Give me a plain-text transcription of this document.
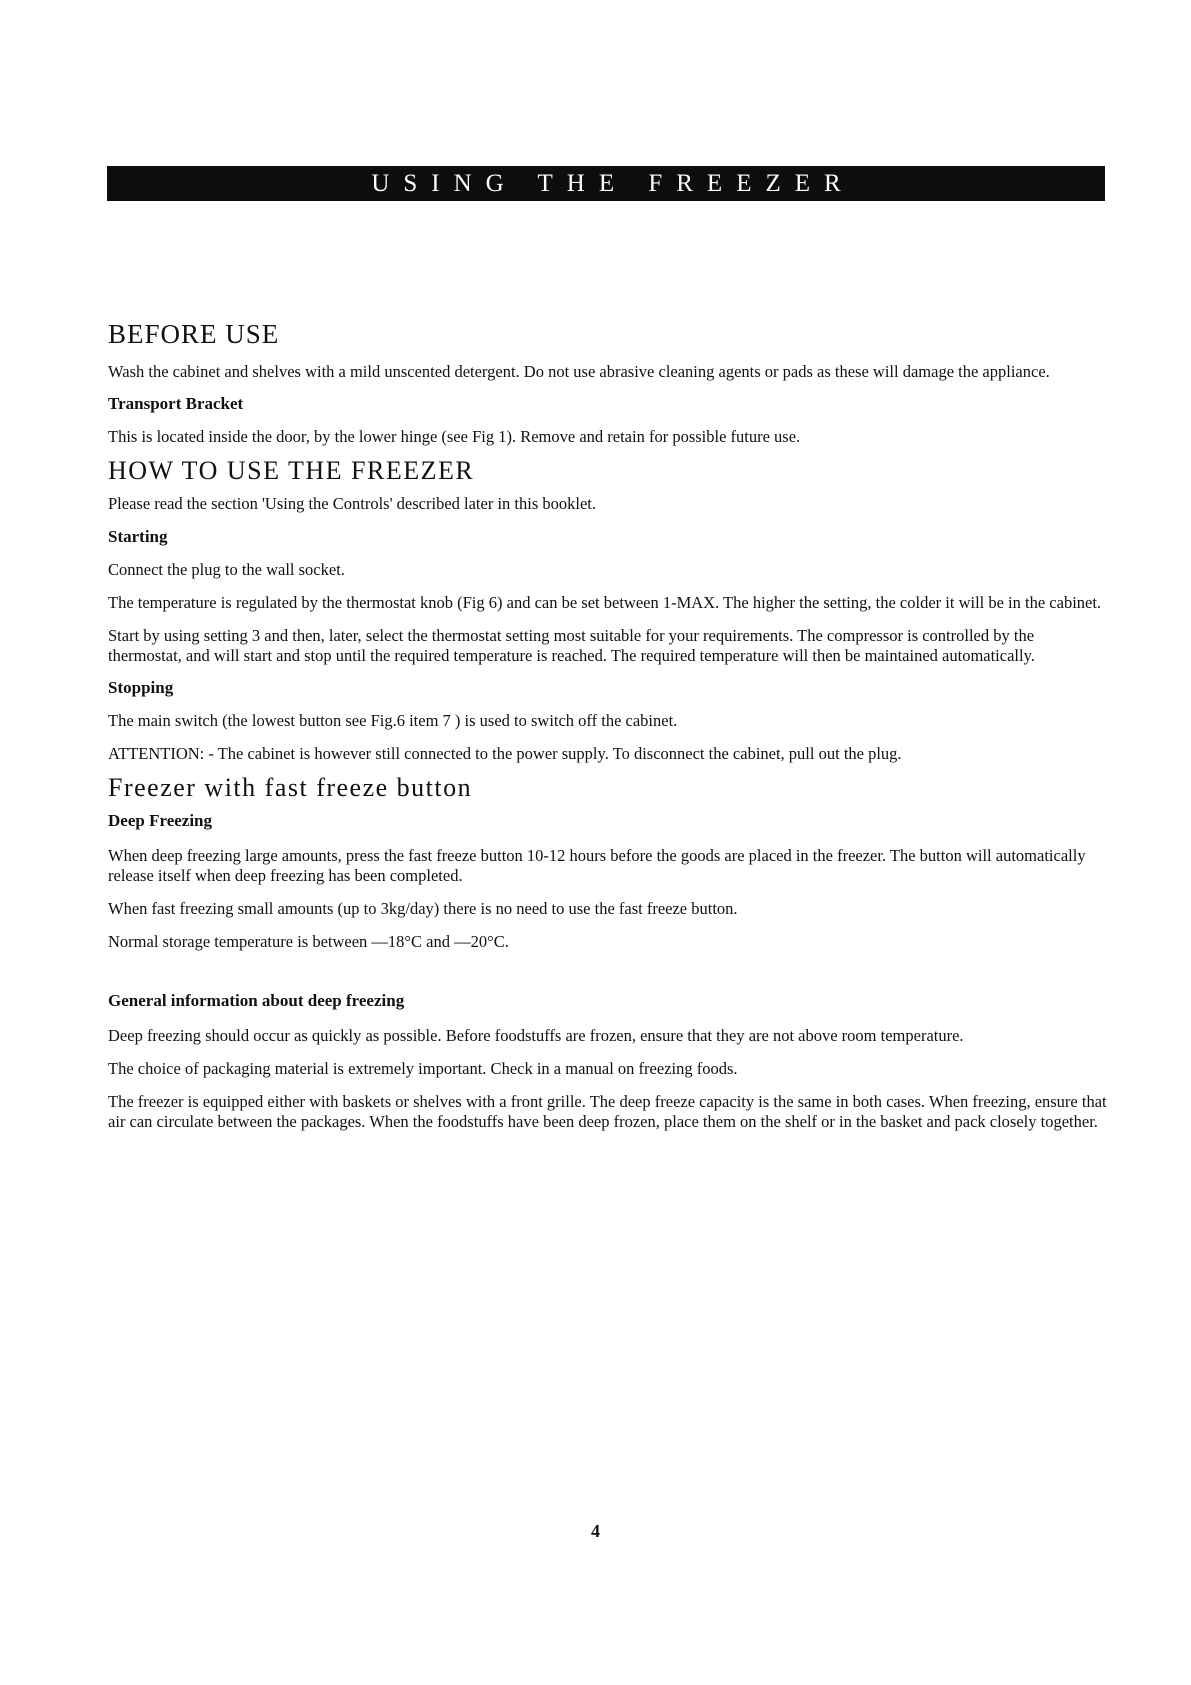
USING THE FREEZER
BEFORE USE

Wash the cabinet and shelves with a mild unscented detergent. Do not use abrasive cleaning agents or pads as these will damage the appliance.

Transport Bracket

This is located inside the door, by the lower hinge (see Fig 1). Remove and retain for possible future use.

HOW TO USE THE FREEZER

Please read the section 'Using the Controls' described later in this booklet.

Starting

Connect the plug to the wall socket.

The temperature is regulated by the thermostat knob (Fig 6) and can be set between 1-MAX. The higher the setting, the colder it will be in the cabinet.

Start by using setting 3 and then, later, select the thermostat setting most suitable for your requirements. The compressor is controlled by the thermostat, and will start and stop until the required temperature is reached. The required temperature will then be maintained automatically.

Stopping

The main switch (the lowest button see Fig.6 item 7 ) is used to switch off the cabinet.

ATTENTION: - The cabinet is however still connected to the power supply. To disconnect the cabinet, pull out the plug.

Freezer with fast freeze button
Deep Freezing

When deep freezing large amounts, press the fast freeze button 10-12 hours before the goods are placed in the freezer. The button will automatically release itself when deep freezing has been completed.

When fast freezing small amounts (up to 3kg/day) there is no need to use the fast freeze button.

Normal storage temperature is between —18°C and —20°C.

General information about deep freezing

Deep freezing should occur as quickly as possible. Before foodstuffs are frozen, ensure that they are not above room temperature.

The choice of packaging material is extremely important. Check in a manual on freezing foods.

The freezer is equipped either with baskets or shelves with a front grille. The deep freeze capacity is the same in both cases. When freezing, ensure that air can circulate between the packages. When the foodstuffs have been deep frozen, place them on the shelf or in the basket and pack closely together.

4
